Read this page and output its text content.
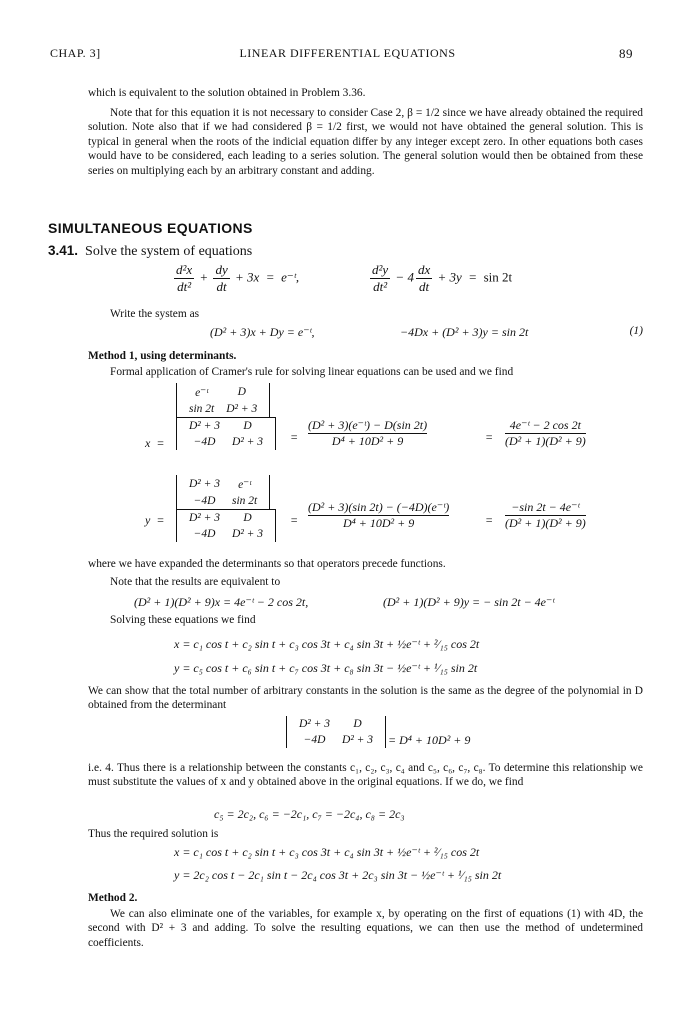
CHAP. 3]	LINEAR DIFFERENTIAL EQUATIONS	89
which is equivalent to the solution obtained in Problem 3.36.
Note that for this equation it is not necessary to consider Case 2, β = 1/2 since we have already obtained the required solution. Note also that if we had considered β = 1/2 first, we would not have obtained the general solution. This is typical in general when the roots of the indicial equation differ by any integer except zero. In other equations both cases would have to be considered, each leading to a series solution. The general solution would then be obtained from these series on multiplying each by an arbitrary constant and adding.
SIMULTANEOUS EQUATIONS
3.41. Solve the system of equations
$\frac{\text{d²x}}{\text{dt²}} + \frac{dy}{dt} + 3x$  =  e⁻ᵗ,	$\frac{\text{d²y}}{\text{dt²}} - 4 \frac{dx}{dt} + 3y = \sin 2t$
Write the system as
(D² + 3)x + Dy = e⁻ᵗ,	−4Dx + (D² + 3)y = sin 2t	(1)
Method 1, using determinants.
Formal application of Cramer's rule for solving linear equations can be used and we find
x  =
e⁻ᵗ	D
sin 2t	D² + 3
D² + 3	D
−4D	$D^2 + 3 = \frac{\text{(D² + 3)(e⁻ᵗ) − D(sin 2t)}}{\text{D⁴ + 10D² + 9}}$	= $\frac{\text{4e⁻ᵗ − 2 cos 2t}}{\text{(D² + 1)(D² + 9)}}$
y  =
D² + 3	e⁻ᵗ
−4D	sin 2t
D² + 3	D
−4D	D² + 3
= $\frac{\text{(D² + 3)(sin 2t) − (−4D)(e⁻ᵗ)}}{\text{D⁴ + 10D² + 9}}$	= $\frac{\text{−sin 2t − 4e⁻ᵗ}}{\text{(D² + 1)(D² + 9)}}$
where we have expanded the determinants so that operators precede functions.
Note that the results are equivalent to
(D² + 1)(D² + 9)x = 4e⁻ᵗ − 2 cos 2t,	(D² + 1)(D² + 9)y = − sin 2t − 4e⁻ᵗ
Solving these equations we find
x = c₁ cos t + c₂ sin t + c₃ cos 3t + c₄ sin 3t + ½e⁻ᵗ + ²⁄₁₅ cos 2t
y = c₅ cos t + c₆ sin t + c₇ cos 3t + c₈ sin 3t − ½e⁻ᵗ + ¹⁄₁₅ sin 2t
We can show that the total number of arbitrary constants in the solution is the same as the degree of the polynomial in D obtained from the determinant
D² + 3	D
−4D	D² + 3 = D⁴ + 10D² + 9
i.e. 4. Thus there is a relationship between the constants c₁, c₂, c₃, c₄ and c₅, c₆, c₇, c₈. To determine this relationship we must substitute the values of x and y obtained above in the original equations. If we do, we find
c₅ = 2c₂, c₆ = −2c₁, c₇ = −2c₄, c₈ = 2c₃
Thus the required solution is
x = c₁ cos t + c₂ sin t + c₃ cos 3t + c₄ sin 3t + ½e⁻ᵗ + ²⁄₁₅ cos 2t
y = 2c₂ cos t − 2c₁ sin t − 2c₄ cos 3t + 2c₃ sin 3t − ½e⁻ᵗ + ¹⁄₁₅ sin 2t
Method 2.
We can also eliminate one of the variables, for example x, by operating on the first of equations (1) with 4D, the second with D² + 3 and adding. To solve the resulting equations, we can then use the method of undetermined coefficients.
